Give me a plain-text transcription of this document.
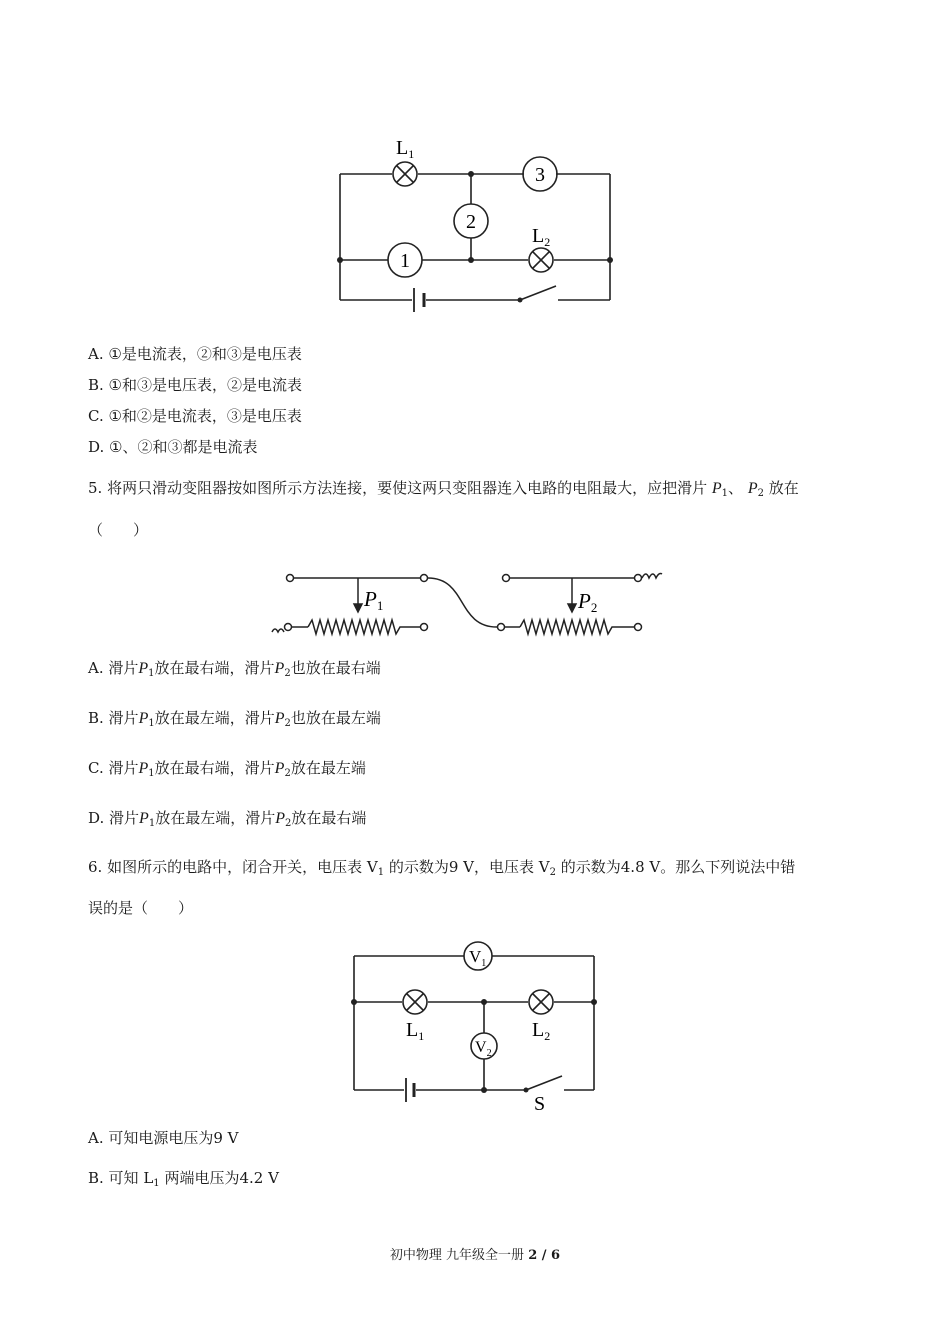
$L_1$
$L_2$
1
2
3
A. ①是电流表，②和③是电压表
B. ①和③是电压表，②是电流表
C. ①和②是电流表，③是电压表
D. ①、②和③都是电流表
5. 将两只滑动变阻器按如图所示方法连接，要使这两只变阻器连入电路的电阻最大，应把滑片 $P_1$、 $P_2$ 放在
（　　）
P1	P2
A. 滑片$P_1$放在最右端，滑片$P_2$也放在最右端
B. 滑片$P_1$放在最左端，滑片$P_2$也放在最左端
C. 滑片$P_1$放在最右端，滑片$P_2$放在最左端
D. 滑片$P_1$放在最左端，滑片$P_2$放在最右端
6. 如图所示的电路中，闭合开关，电压表 $V_1$ 的示数为9 V，电压表 $V_2$ 的示数为4.8 V。那么下列说法中错
误的是（　　）
$V_1$
$V_2$
$L_1$	$L_2$
S
A. 可知电源电压为9 V
B. 可知 $L_1$ 两端电压为4.2 V
初中物理 九年级全一册 2 / 6
